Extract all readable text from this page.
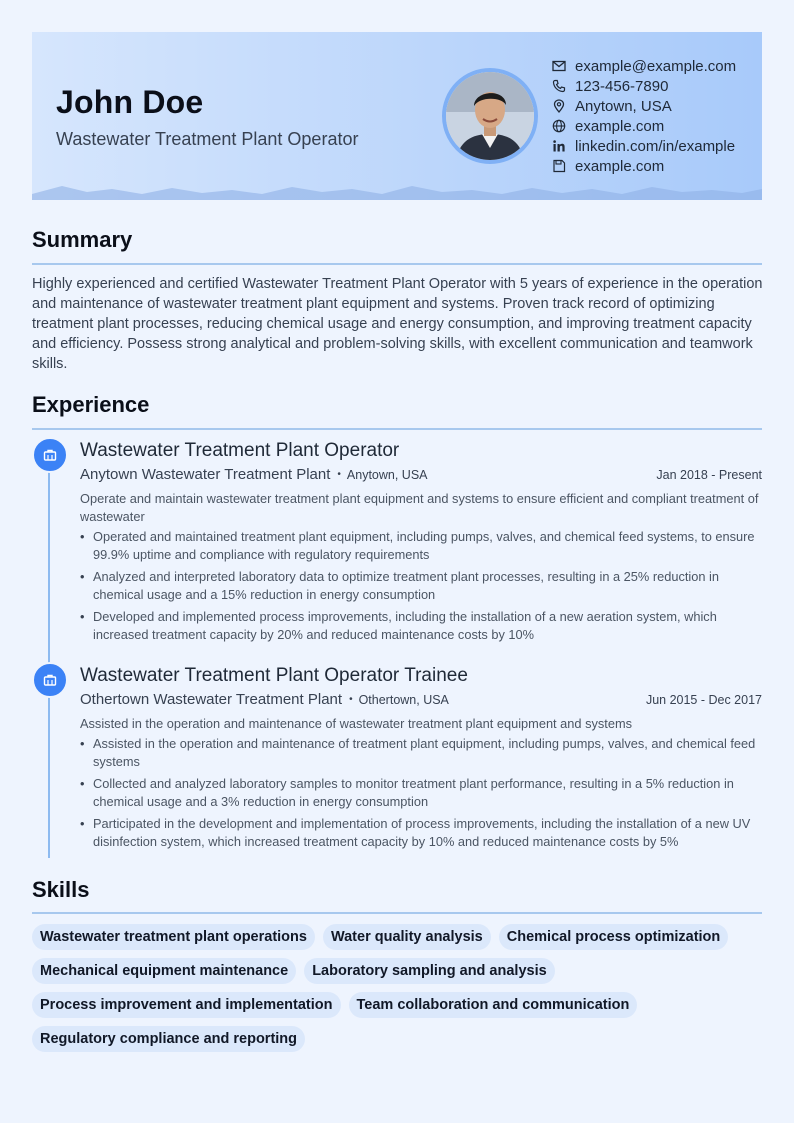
John Doe
Wastewater Treatment Plant Operator
example@example.com
123-456-7890
Anytown, USA
example.com
linkedin.com/in/example
example.com
Summary
Highly experienced and certified Wastewater Treatment Plant Operator with 5 years of experience in the operation and maintenance of wastewater treatment plant equipment and systems. Proven track record of optimizing treatment plant processes, reducing chemical usage and energy consumption, and improving treatment capacity and efficiency. Possess strong analytical and problem-solving skills, with excellent communication and teamwork skills.
Experience
Wastewater Treatment Plant Operator
Anytown Wastewater Treatment Plant • Anytown, USA	Jan 2018 - Present
Operate and maintain wastewater treatment plant equipment and systems to ensure efficient and compliant treatment of wastewater
• Operated and maintained treatment plant equipment, including pumps, valves, and chemical feed systems, to ensure 99.9% uptime and compliance with regulatory requirements
• Analyzed and interpreted laboratory data to optimize treatment plant processes, resulting in a 25% reduction in chemical usage and a 15% reduction in energy consumption
• Developed and implemented process improvements, including the installation of a new aeration system, which increased treatment capacity by 20% and reduced maintenance costs by 10%
Wastewater Treatment Plant Operator Trainee
Othertown Wastewater Treatment Plant • Othertown, USA	Jun 2015 - Dec 2017
Assisted in the operation and maintenance of wastewater treatment plant equipment and systems
• Assisted in the operation and maintenance of treatment plant equipment, including pumps, valves, and chemical feed systems
• Collected and analyzed laboratory samples to monitor treatment plant performance, resulting in a 5% reduction in chemical usage and a 3% reduction in energy consumption
• Participated in the development and implementation of process improvements, including the installation of a new UV disinfection system, which increased treatment capacity by 10% and reduced maintenance costs by 5%
Skills
Wastewater treatment plant operations	Water quality analysis	Chemical process optimization
Mechanical equipment maintenance	Laboratory sampling and analysis
Process improvement and implementation	Team collaboration and communication
Regulatory compliance and reporting
